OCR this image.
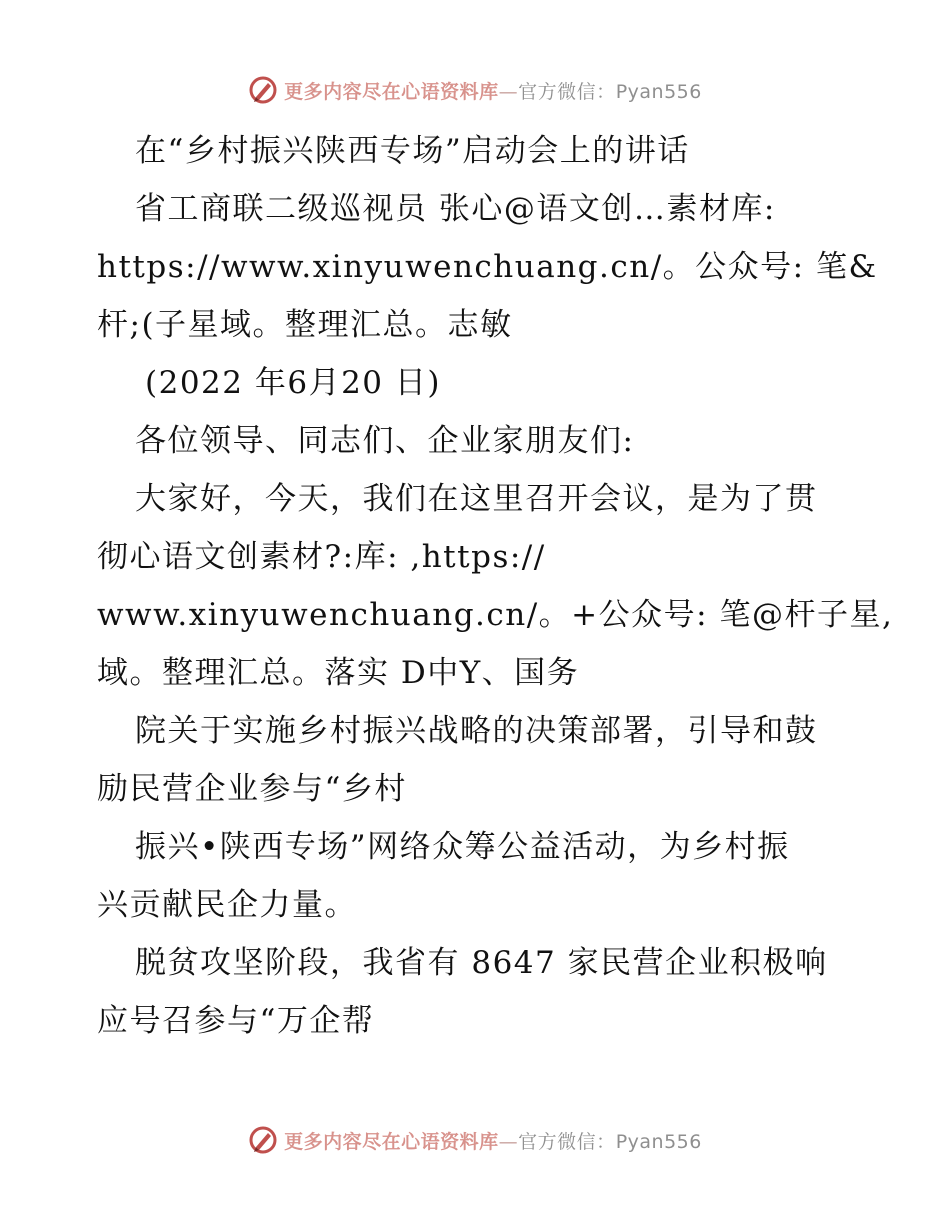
更多内容尽在心语资料库—官方微信：Pyan556
在“乡村振兴陕西专场”启动会上的讲话
省工商联二级巡视员 张心@语文创…素材库:
https://www.xinyuwenchuang.cn/。公众号: 笔&
杆;(子星域。整理汇总。志敏
(2022 年6月20 日)
各位领导、同志们、企业家朋友们:
大家好，今天，我们在这里召开会议，是为了贯
彻心语文创素材?:库: ,https://
www.xinyuwenchuang.cn/。+公众号: 笔@杆子星,
域。整理汇总。落实 D中Y、国务
院关于实施乡村振兴战略的决策部署，引导和鼓
励民营企业参与“乡村
振兴•陕西专场”网络众筹公益活动，为乡村振
兴贡献民企力量。
脱贫攻坚阶段，我省有 8647 家民营企业积极响
应号召参与“万企帮
更多内容尽在心语资料库—官方微信：Pyan556
